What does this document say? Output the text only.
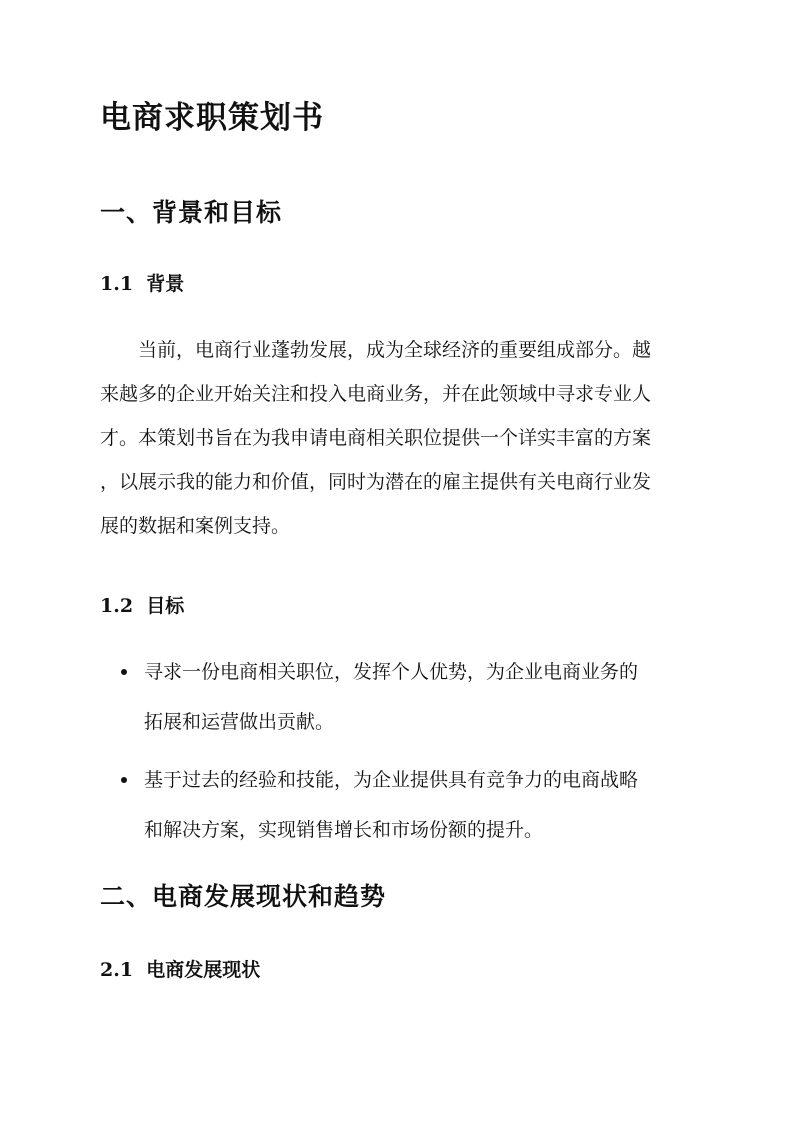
电商求职策划书
一、背景和目标
1.1  背景
　　当前，电商行业蓬勃发展，成为全球经济的重要组成部分。越
来越多的企业开始关注和投入电商业务，并在此领域中寻求专业人
才。本策划书旨在为我申请电商相关职位提供一个详实丰富的方案
，以展示我的能力和价值，同时为潜在的雇主提供有关电商行业发
展的数据和案例支持。
1.2  目标
寻求一份电商相关职位，发挥个人优势，为企业电商业务的
拓展和运营做出贡献。
基于过去的经验和技能，为企业提供具有竞争力的电商战略
和解决方案，实现销售增长和市场份额的提升。
二、电商发展现状和趋势
2.1  电商发展现状
